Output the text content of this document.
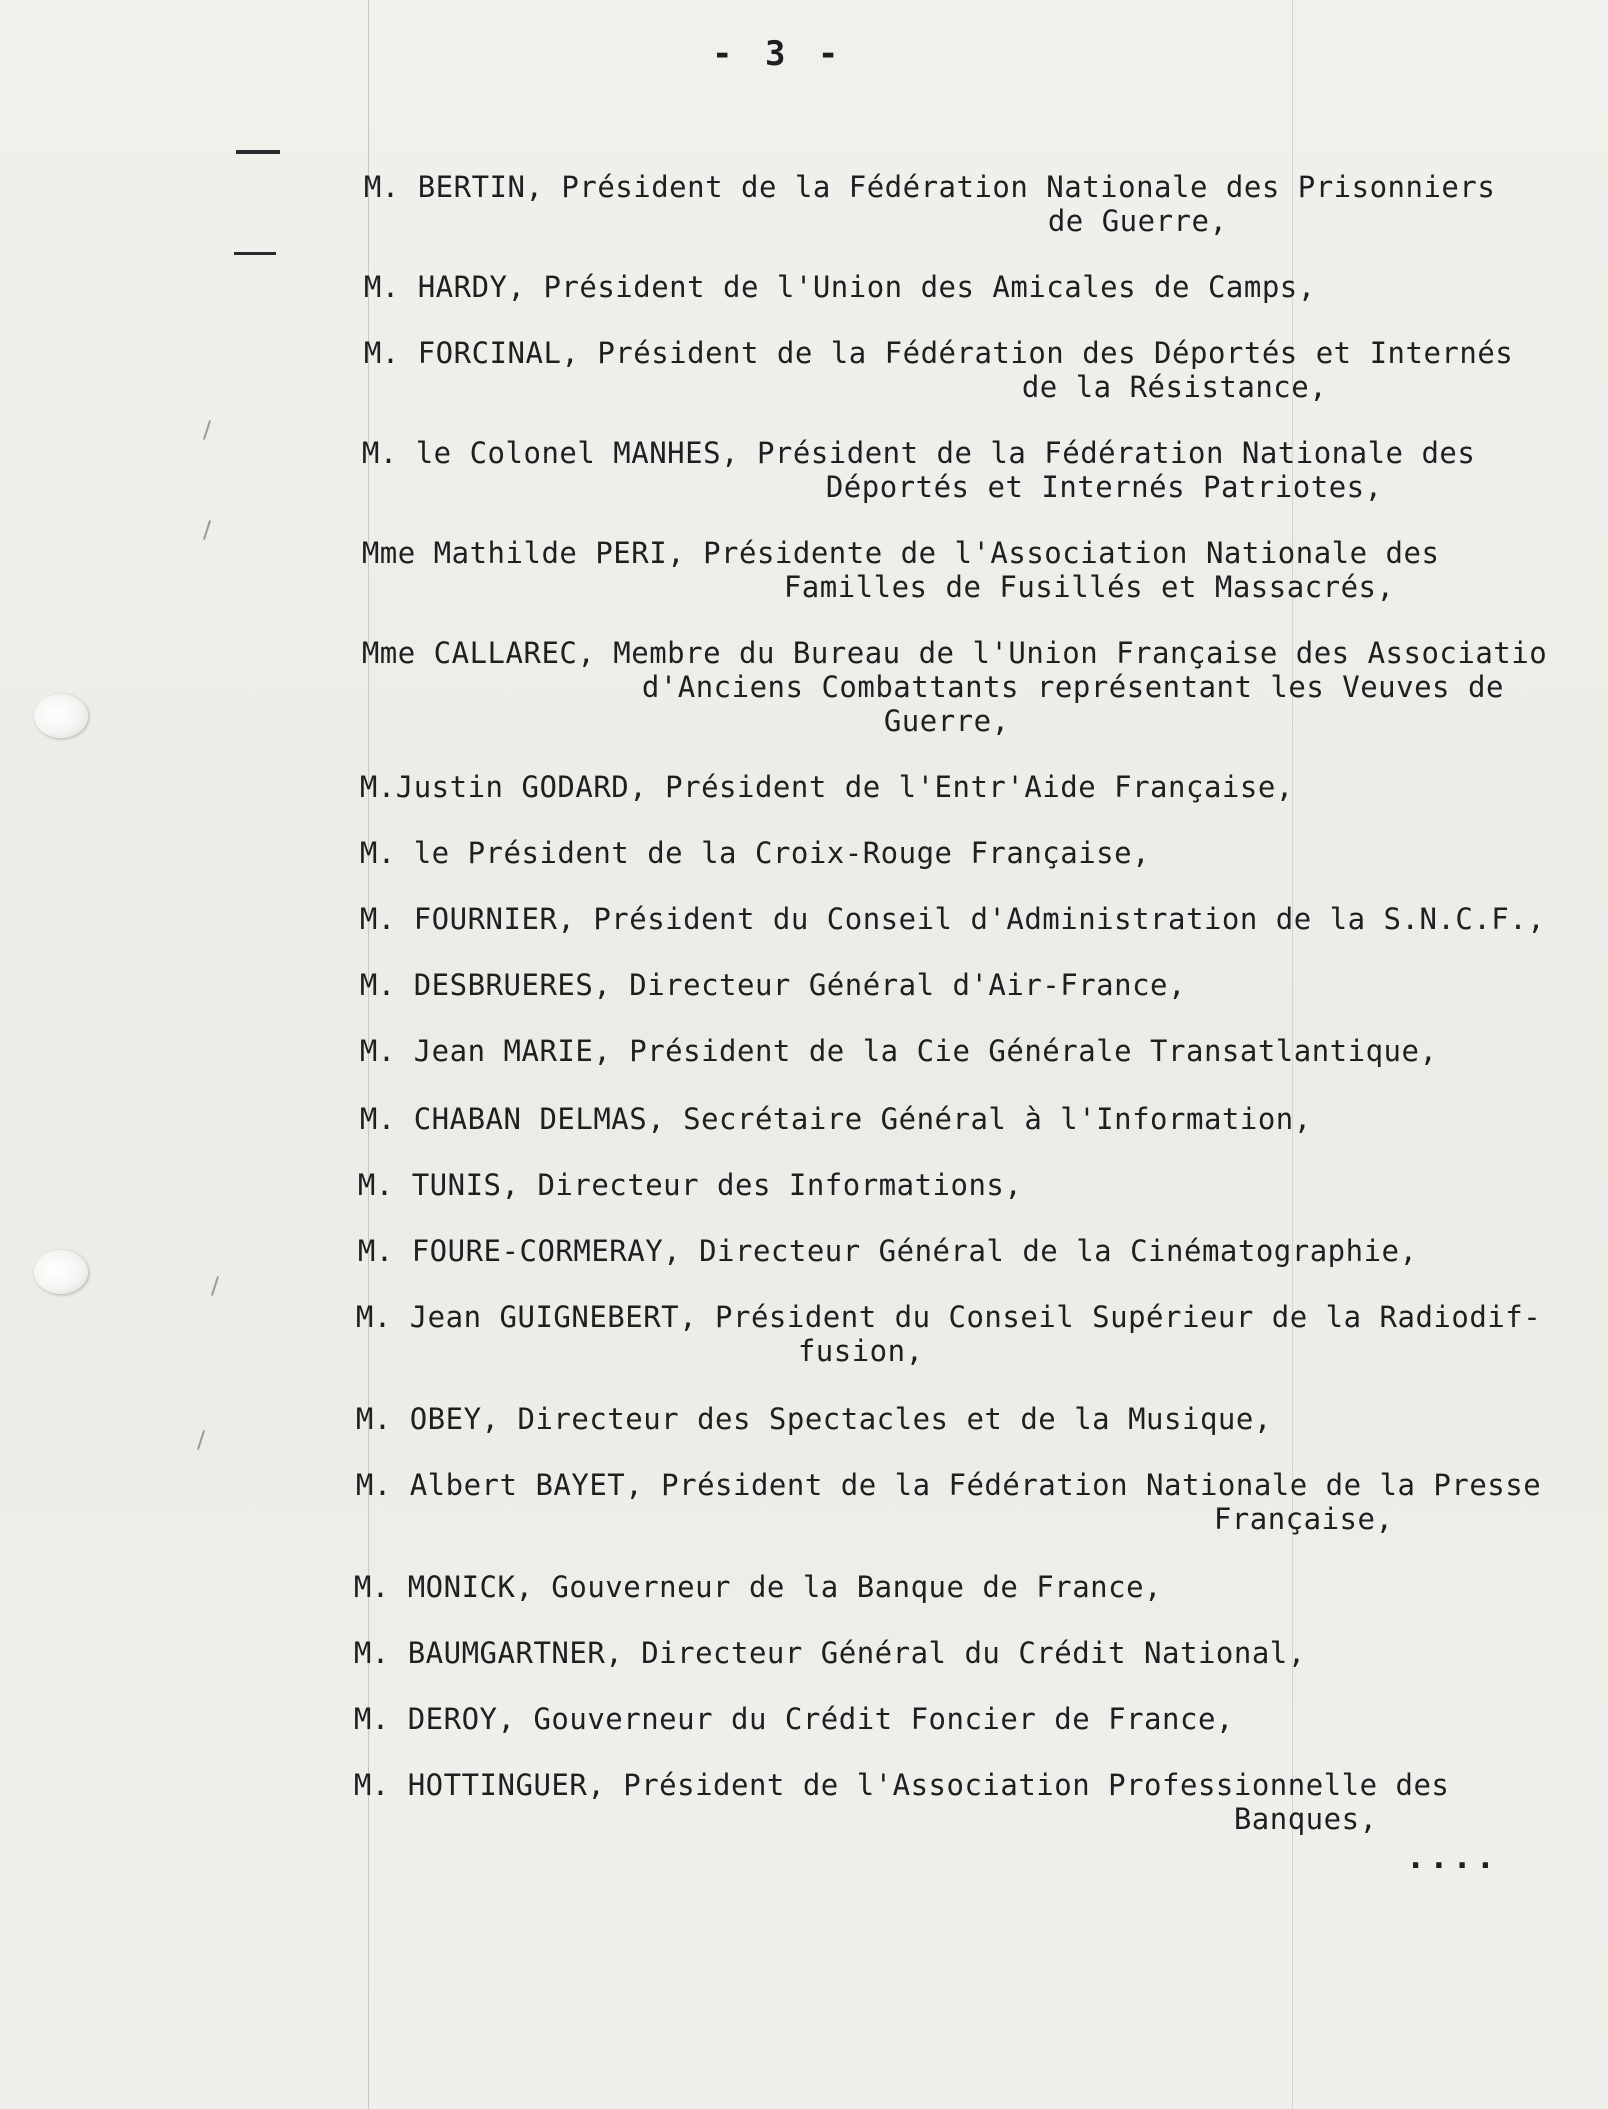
- 3 -

M. BERTIN, Président de la Fédération Nationale des Prisonniers

de Guerre,

M. HARDY, Président de l'Union des Amicales de Camps,

M. FORCINAL, Président de la Fédération des Déportés et Internés

de la Résistance,

M. le Colonel MANHES, Président de la Fédération Nationale des

Déportés et Internés Patriotes,

Mme Mathilde PERI, Présidente de l'Association Nationale des

Familles de Fusillés et Massacrés,

Mme CALLAREC, Membre du Bureau de l'Union Française des Associatio

d'Anciens Combattants représentant les Veuves de

Guerre,

M.Justin GODARD, Président de l'Entr'Aide Française,

M. le Président de la Croix-Rouge Française,

M. FOURNIER, Président du Conseil d'Administration de la S.N.C.F.,

M. DESBRUERES, Directeur Général d'Air-France,

M. Jean MARIE, Président de la Cie Générale Transatlantique,

M. CHABAN DELMAS, Secrétaire Général à l'Information,

M. TUNIS, Directeur des Informations,

M. FOURE-CORMERAY, Directeur Général de la Cinématographie,

M. Jean GUIGNEBERT, Président du Conseil Supérieur de la Radiodif-

fusion,

M. OBEY, Directeur des Spectacles et de la Musique,

M. Albert BAYET, Président de la Fédération Nationale de la Presse

Française,

M. MONICK, Gouverneur de la Banque de France,

M. BAUMGARTNER, Directeur Général du Crédit National,

M. DEROY, Gouverneur du Crédit Foncier de France,

M. HOTTINGUER, Président de l'Association Professionnelle des

Banques,

....
